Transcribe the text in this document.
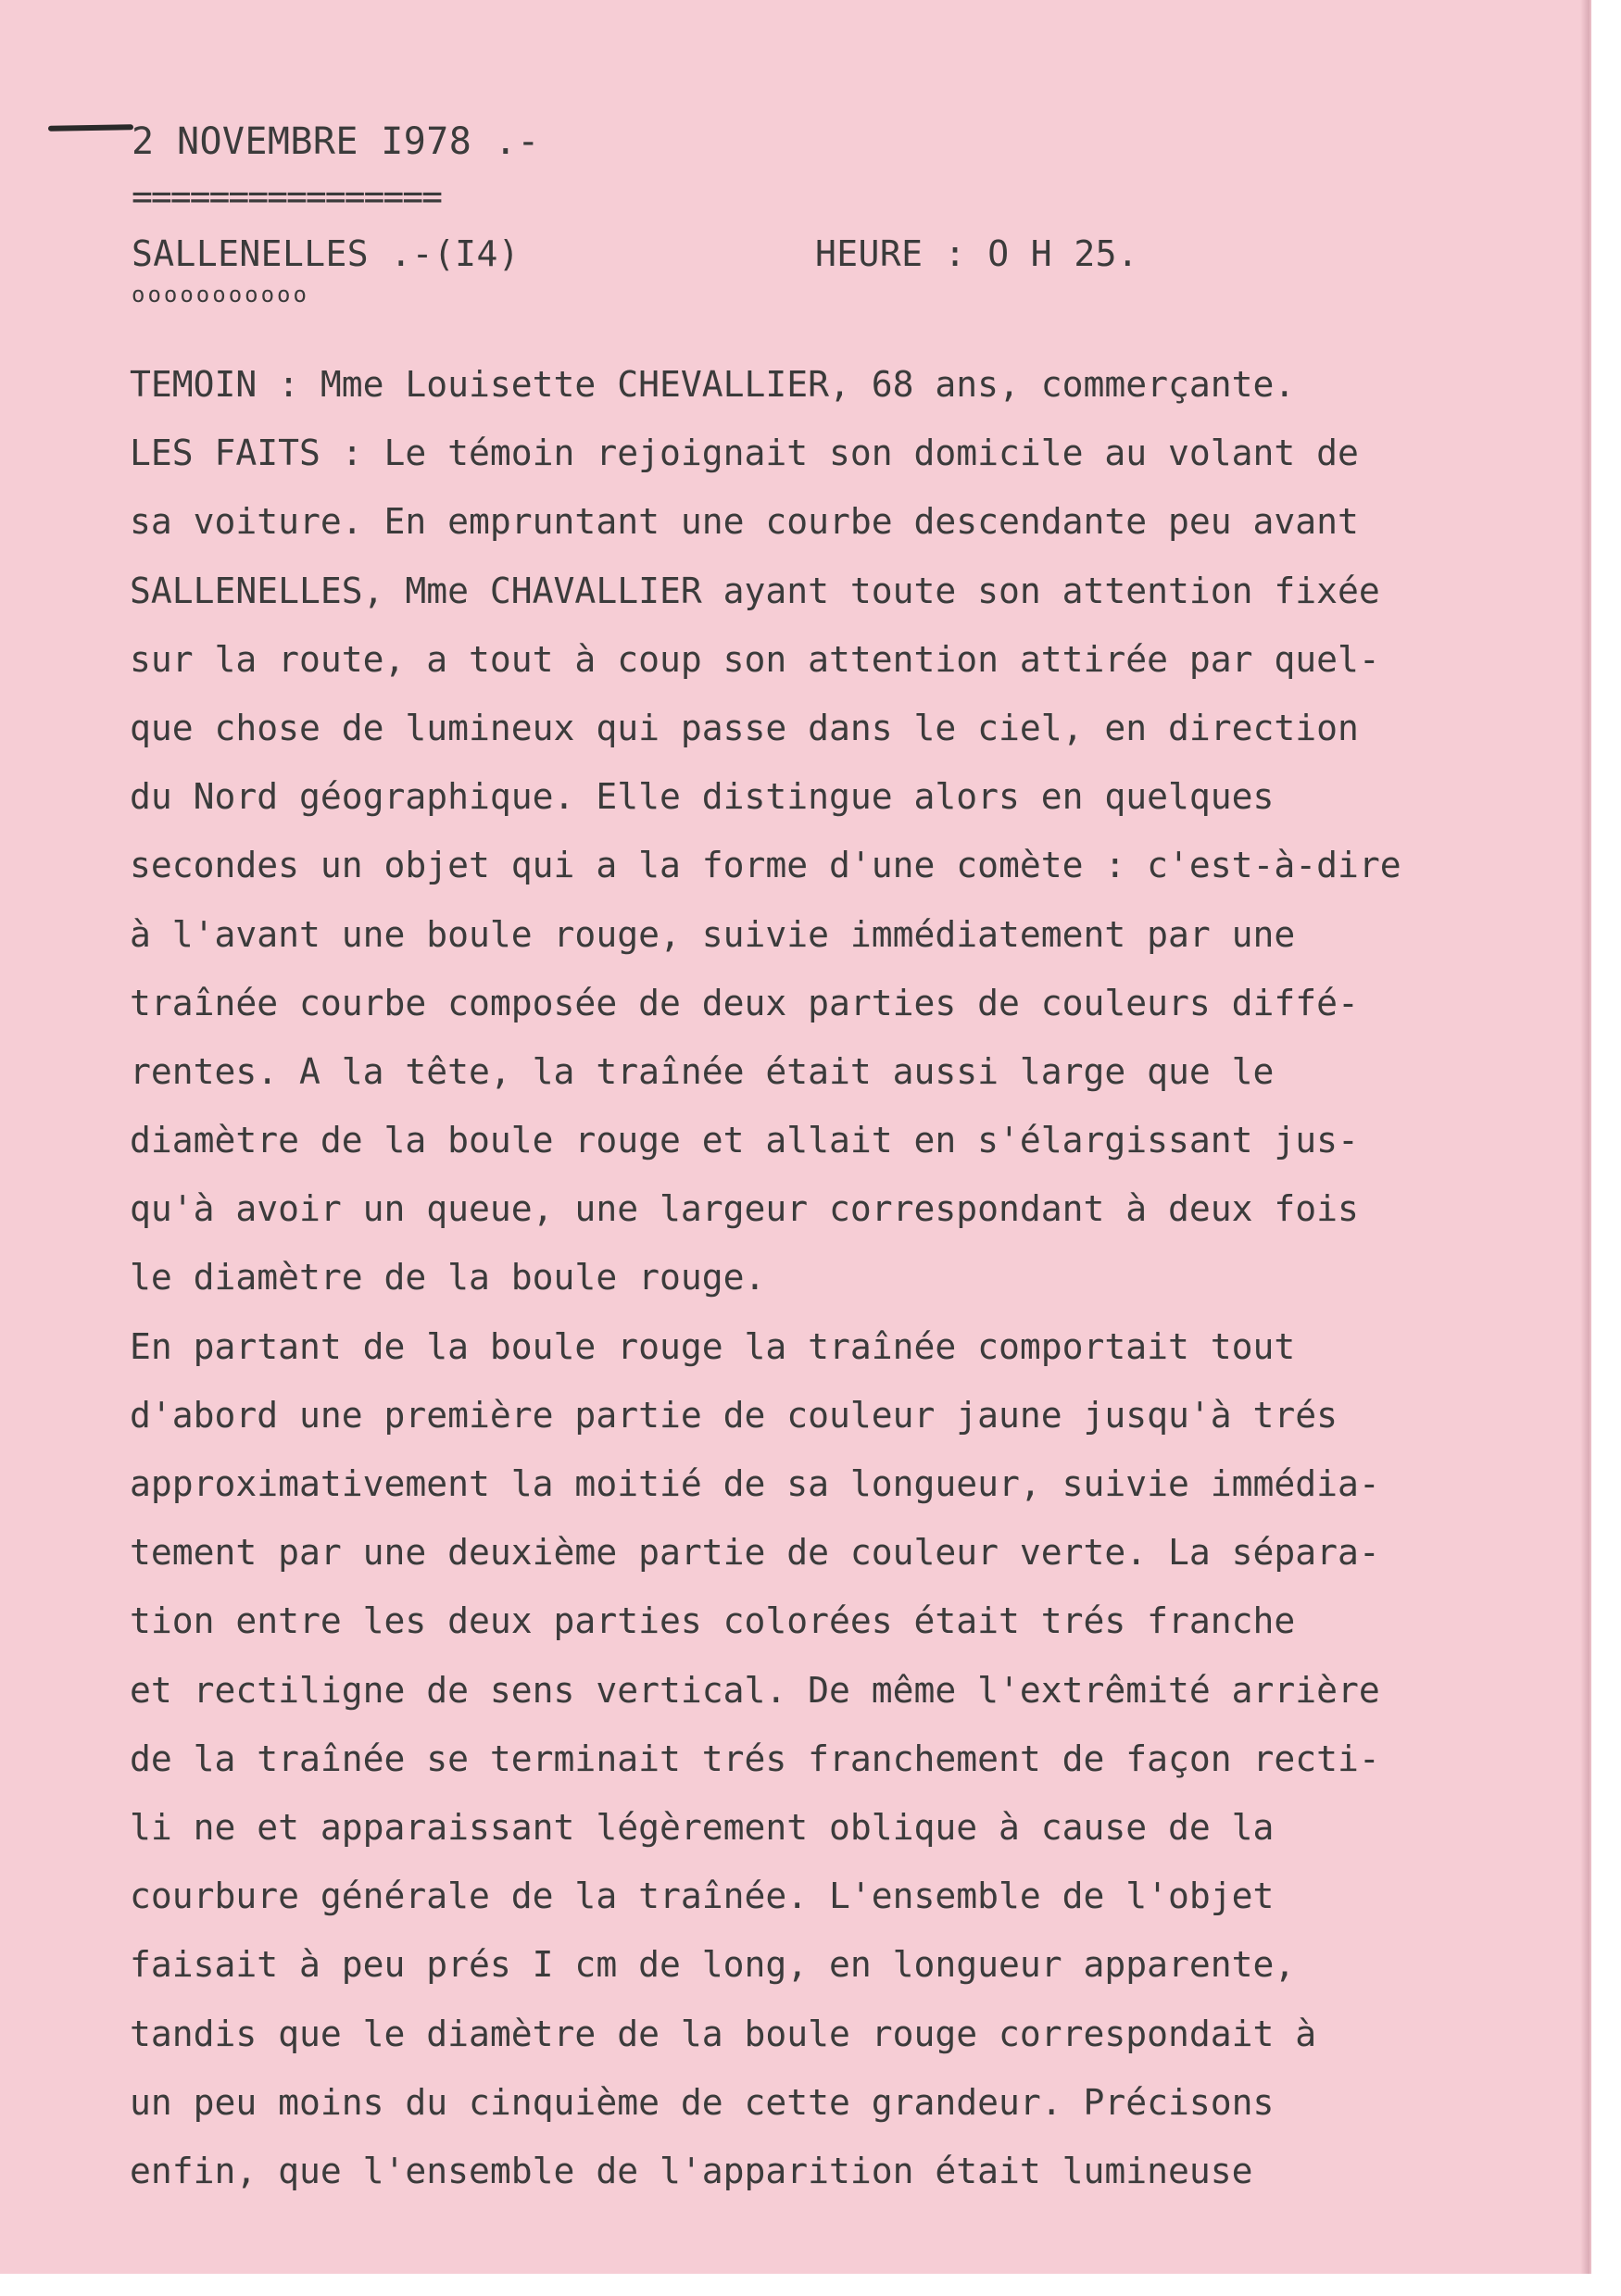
2 NOVEMBRE I978 .-
================
SALLENELLES .-(I4)	HEURE : O H 25.
ooooooooooo
TEMOIN : Mme Louisette CHEVALLIER, 68 ans, commerçante.
LES FAITS : Le témoin rejoignait son domicile au volant de
sa voiture. En empruntant une courbe descendante peu avant
SALLENELLES, Mme CHAVALLIER ayant toute son attention fixée
sur la route, a tout à coup son attention attirée par quel-
que chose de lumineux qui passe dans le ciel, en direction
du Nord géographique. Elle distingue alors en quelques
secondes un objet qui a la forme d'une comète : c'est-à-dire
à l'avant une boule rouge, suivie immédiatement par une
traînée courbe composée de deux parties de couleurs diffé-
rentes. A la tête, la traînée était aussi large que le
diamètre de la boule rouge et allait en s'élargissant jus-
qu'à avoir un queue, une largeur correspondant à deux fois
le diamètre de la boule rouge.
En partant de la boule rouge la traînée comportait tout
d'abord une première partie de couleur jaune jusqu'à trés
approximativement la moitié de sa longueur, suivie immédia-
tement par une deuxième partie de couleur verte. La sépara-
tion entre les deux parties colorées était trés franche
et rectiligne de sens vertical. De même l'extrêmité arrière
de la traînée se terminait trés franchement de façon recti-
li ne et apparaissant légèrement oblique à cause de la
courbure générale de la traînée. L'ensemble de l'objet
faisait à peu prés I cm de long, en longueur apparente,
tandis que le diamètre de la boule rouge correspondait à
un peu moins du cinquième de cette grandeur. Précisons
enfin, que l'ensemble de l'apparition était lumineuse
